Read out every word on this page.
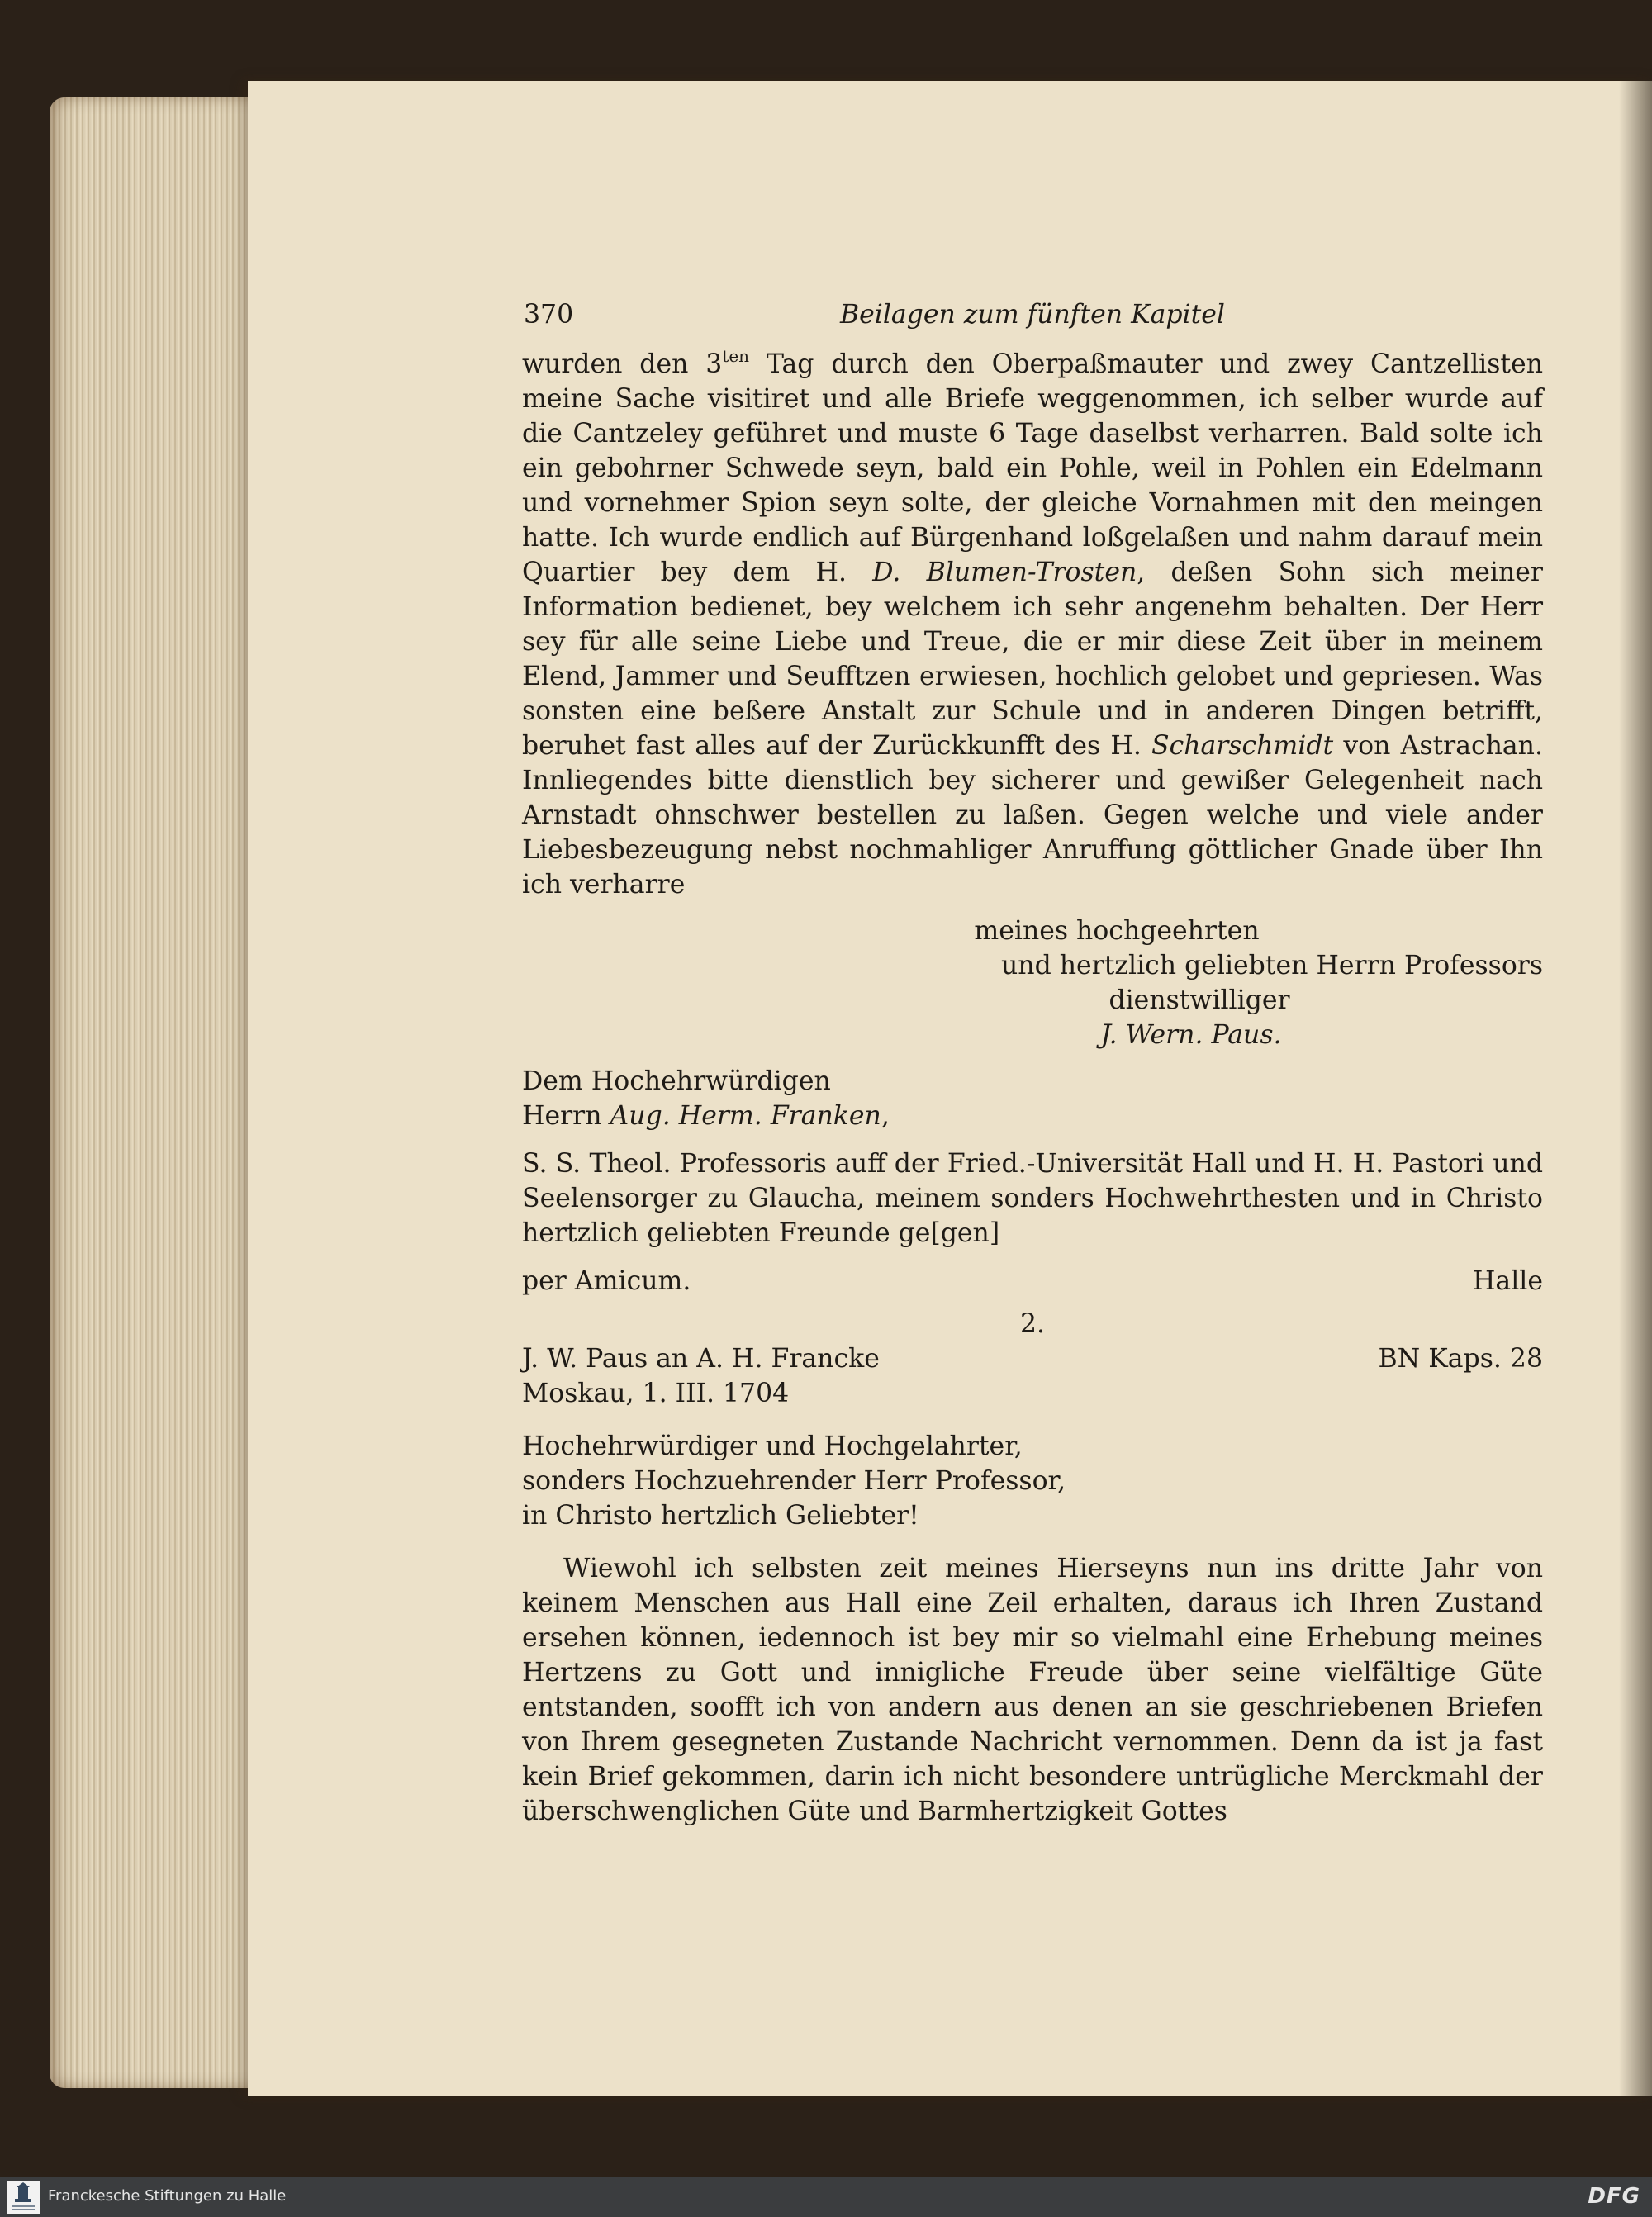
370	Beilagen zum fünften Kapitel

wurden den $3^{ten}$ Tag durch den Oberpaßmauter und zwey Cantzellisten meine Sache visitiret und alle Briefe weggenommen, ich selber wurde auf die Cantzeley geführet und muste 6 Tage daselbst verharren. Bald solte ich ein gebohrner Schwede seyn, bald ein Pohle, weil in Pohlen ein Edelmann und vornehmer Spion seyn solte, der gleiche Vornahmen mit den meingen hatte. Ich wurde endlich auf Bürgenhand loßgelaßen und nahm darauf mein Quartier bey dem H. D. Blumen-Trosten, deßen Sohn sich meiner Information bedienet, bey welchem ich sehr angenehm behalten. Der Herr sey für alle seine Liebe und Treue, die er mir diese Zeit über in meinem Elend, Jammer und Seufftzen erwiesen, hochlich gelobet und gepriesen. Was sonsten eine beßere Anstalt zur Schule und in anderen Dingen betrifft, beruhet fast alles auf der Zurückkunfft des H. Scharschmidt von Astrachan. Innliegendes bitte dienstlich bey sicherer und gewißer Gelegenheit nach Arnstadt ohnschwer bestellen zu laßen. Gegen welche und viele ander Liebesbezeugung nebst nochmahliger Anruffung göttlicher Gnade über Ihn ich verharre

meines hochgeehrten
und hertzlich geliebten Herrn Professors
dienstwilliger
J. Wern. Paus.
Dem Hochehrwürdigen
Herrn Aug. Herm. Franken,

S. S. Theol. Professoris auff der Fried.-Universität Hall und H. H. Pastori und Seelensorger zu Glaucha, meinem sonders Hochwehrthesten und in Christo hertzlich geliebten Freunde ge[gen]

per Amicum.	Halle
2.
J. W. Paus an A. H. Francke	BN Kaps. 28
Moskau, 1. III. 1704
Hochehrwürdiger und Hochgelahrter,
sonders Hochzuehrender Herr Professor,
in Christo hertzlich Geliebter!

Wiewohl ich selbsten zeit meines Hierseyns nun ins dritte Jahr von keinem Menschen aus Hall eine Zeil erhalten, daraus ich Ihren Zustand ersehen können, iedennoch ist bey mir so vielmahl eine Erhebung meines Hertzens zu Gott und innigliche Freude über seine vielfältige Güte entstanden, soofft ich von andern aus denen an sie geschriebenen Briefen von Ihrem gesegneten Zustande Nachricht vernommen. Denn da ist ja fast kein Brief gekommen, darin ich nicht besondere untrügliche Merckmahl der überschwenglichen Güte und Barmhertzigkeit Gottes

Franckesche Stiftungen zu Halle	DFG
